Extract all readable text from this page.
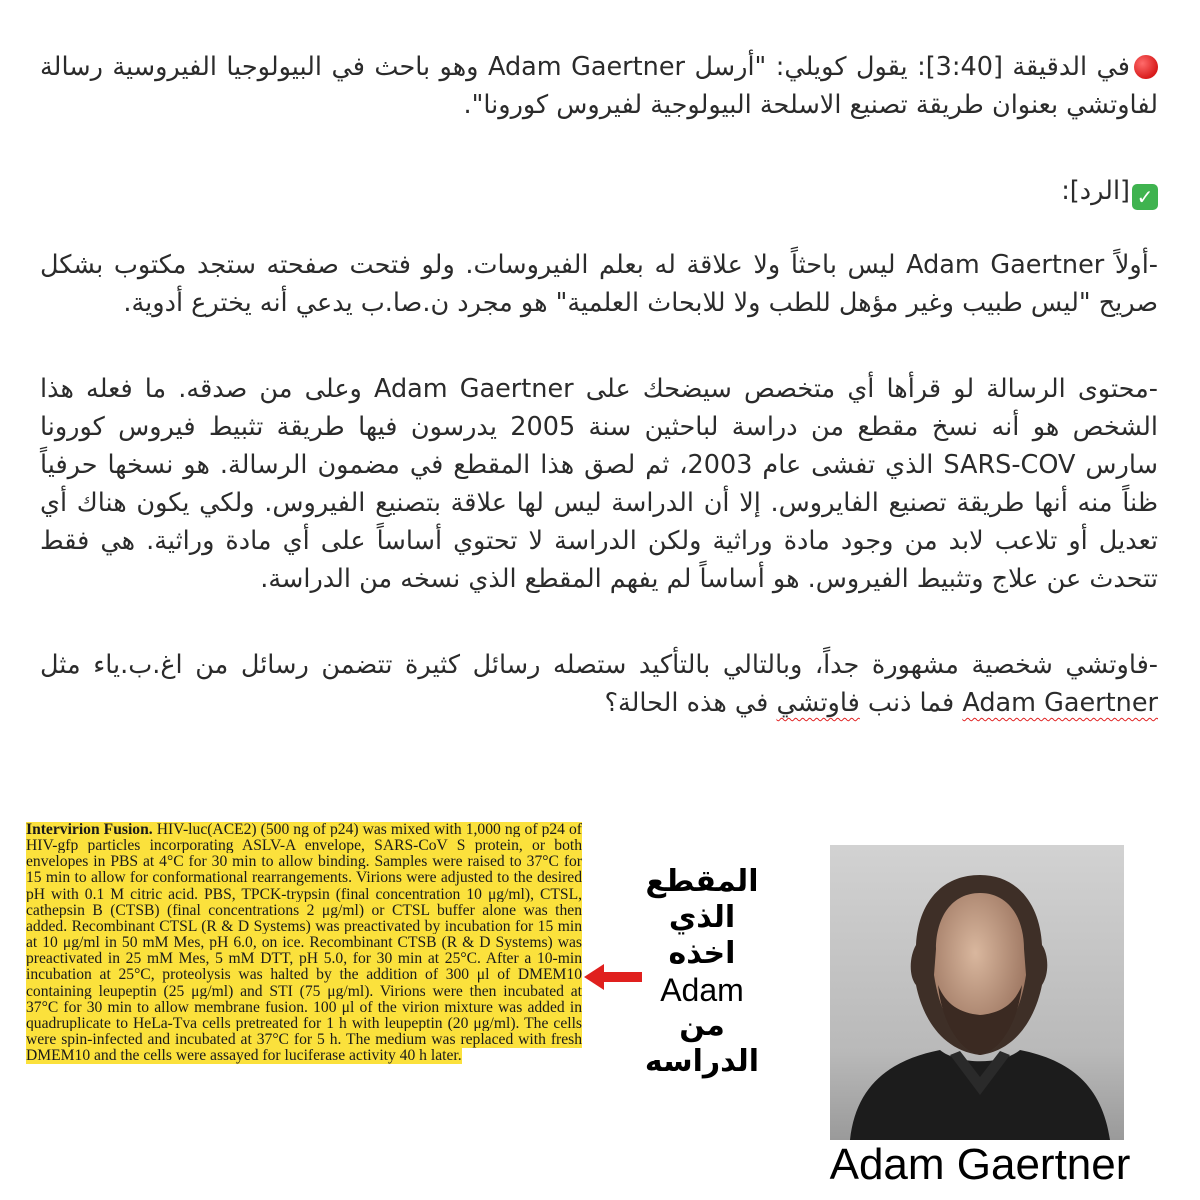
في الدقيقة [3:40]: يقول كويلي: "أرسل Adam Gaertner وهو باحث في البيولوجيا الفيروسية رسالة لفاوتشي بعنوان طريقة تصنيع الاسلحة البيولوجية لفيروس كورونا".

✓[الرد]:

-أولاً Adam Gaertner ليس باحثاً ولا علاقة له بعلم الفيروسات. ولو فتحت صفحته ستجد مكتوب بشكل صريح "ليس طبيب وغير مؤهل للطب ولا للابحاث العلمية" هو مجرد ن.صا.ب يدعي أنه يخترع أدوية.

-محتوى الرسالة لو قرأها أي متخصص سيضحك على Adam Gaertner وعلى من صدقه. ما فعله هذا الشخص هو أنه نسخ مقطع من دراسة لباحثين سنة 2005 يدرسون فيها طريقة تثبيط فيروس كورونا سارس SARS-COV الذي تفشى عام 2003، ثم لصق هذا المقطع في مضمون الرسالة. هو نسخها حرفياً ظناً منه أنها طريقة تصنيع الفايروس. إلا أن الدراسة ليس لها علاقة بتصنيع الفيروس. ولكي يكون هناك أي تعديل أو تلاعب لابد من وجود مادة وراثية ولكن الدراسة لا تحتوي أساساً على أي مادة وراثية. هي فقط تتحدث عن علاج وتثبيط الفيروس. هو أساساً لم يفهم المقطع الذي نسخه من الدراسة.

-فاوتشي شخصية مشهورة جداً، وبالتالي بالتأكيد ستصله رسائل كثيرة تتضمن رسائل من اغ.ب.ياء مثل Adam Gaertner فما ذنب فاوتشي في هذه الحالة؟

Intervirion Fusion. HIV-luc(ACE2) (500 ng of p24) was mixed with 1,000 ng of p24 of HIV-gfp particles incorporating ASLV-A envelope, SARS-CoV S protein, or both envelopes in PBS at 4°C for 30 min to allow binding. Samples were raised to 37°C for 15 min to allow for conformational rearrangements. Virions were adjusted to the desired pH with 0.1 M citric acid. PBS, TPCK-trypsin (final concentration 10 μg/ml), CTSL, cathepsin B (CTSB) (final concentrations 2 μg/ml) or CTSL buffer alone was then added. Recombinant CTSL (R & D Systems) was preactivated by incubation for 15 min at 10 μg/ml in 50 mM Mes, pH 6.0, on ice. Recombinant CTSB (R & D Systems) was preactivated in 25 mM Mes, 5 mM DTT, pH 5.0, for 30 min at 25°C. After a 10-min incubation at 25°C, proteolysis was halted by the addition of 300 μl of DMEM10 containing leupeptin (25 μg/ml) and STI (75 μg/ml). Virions were then incubated at 37°C for 30 min to allow membrane fusion. 100 μl of the virion mixture was added in quadruplicate to HeLa-Tva cells pretreated for 1 h with leupeptin (20 μg/ml). The cells were spin-infected and incubated at 37°C for 5 h. The medium was replaced with fresh DMEM10 and the cells were assayed for luciferase activity 40 h later.
المقطع
الذي
اخذه
Adam
من
الدراسه
Adam Gaertner
